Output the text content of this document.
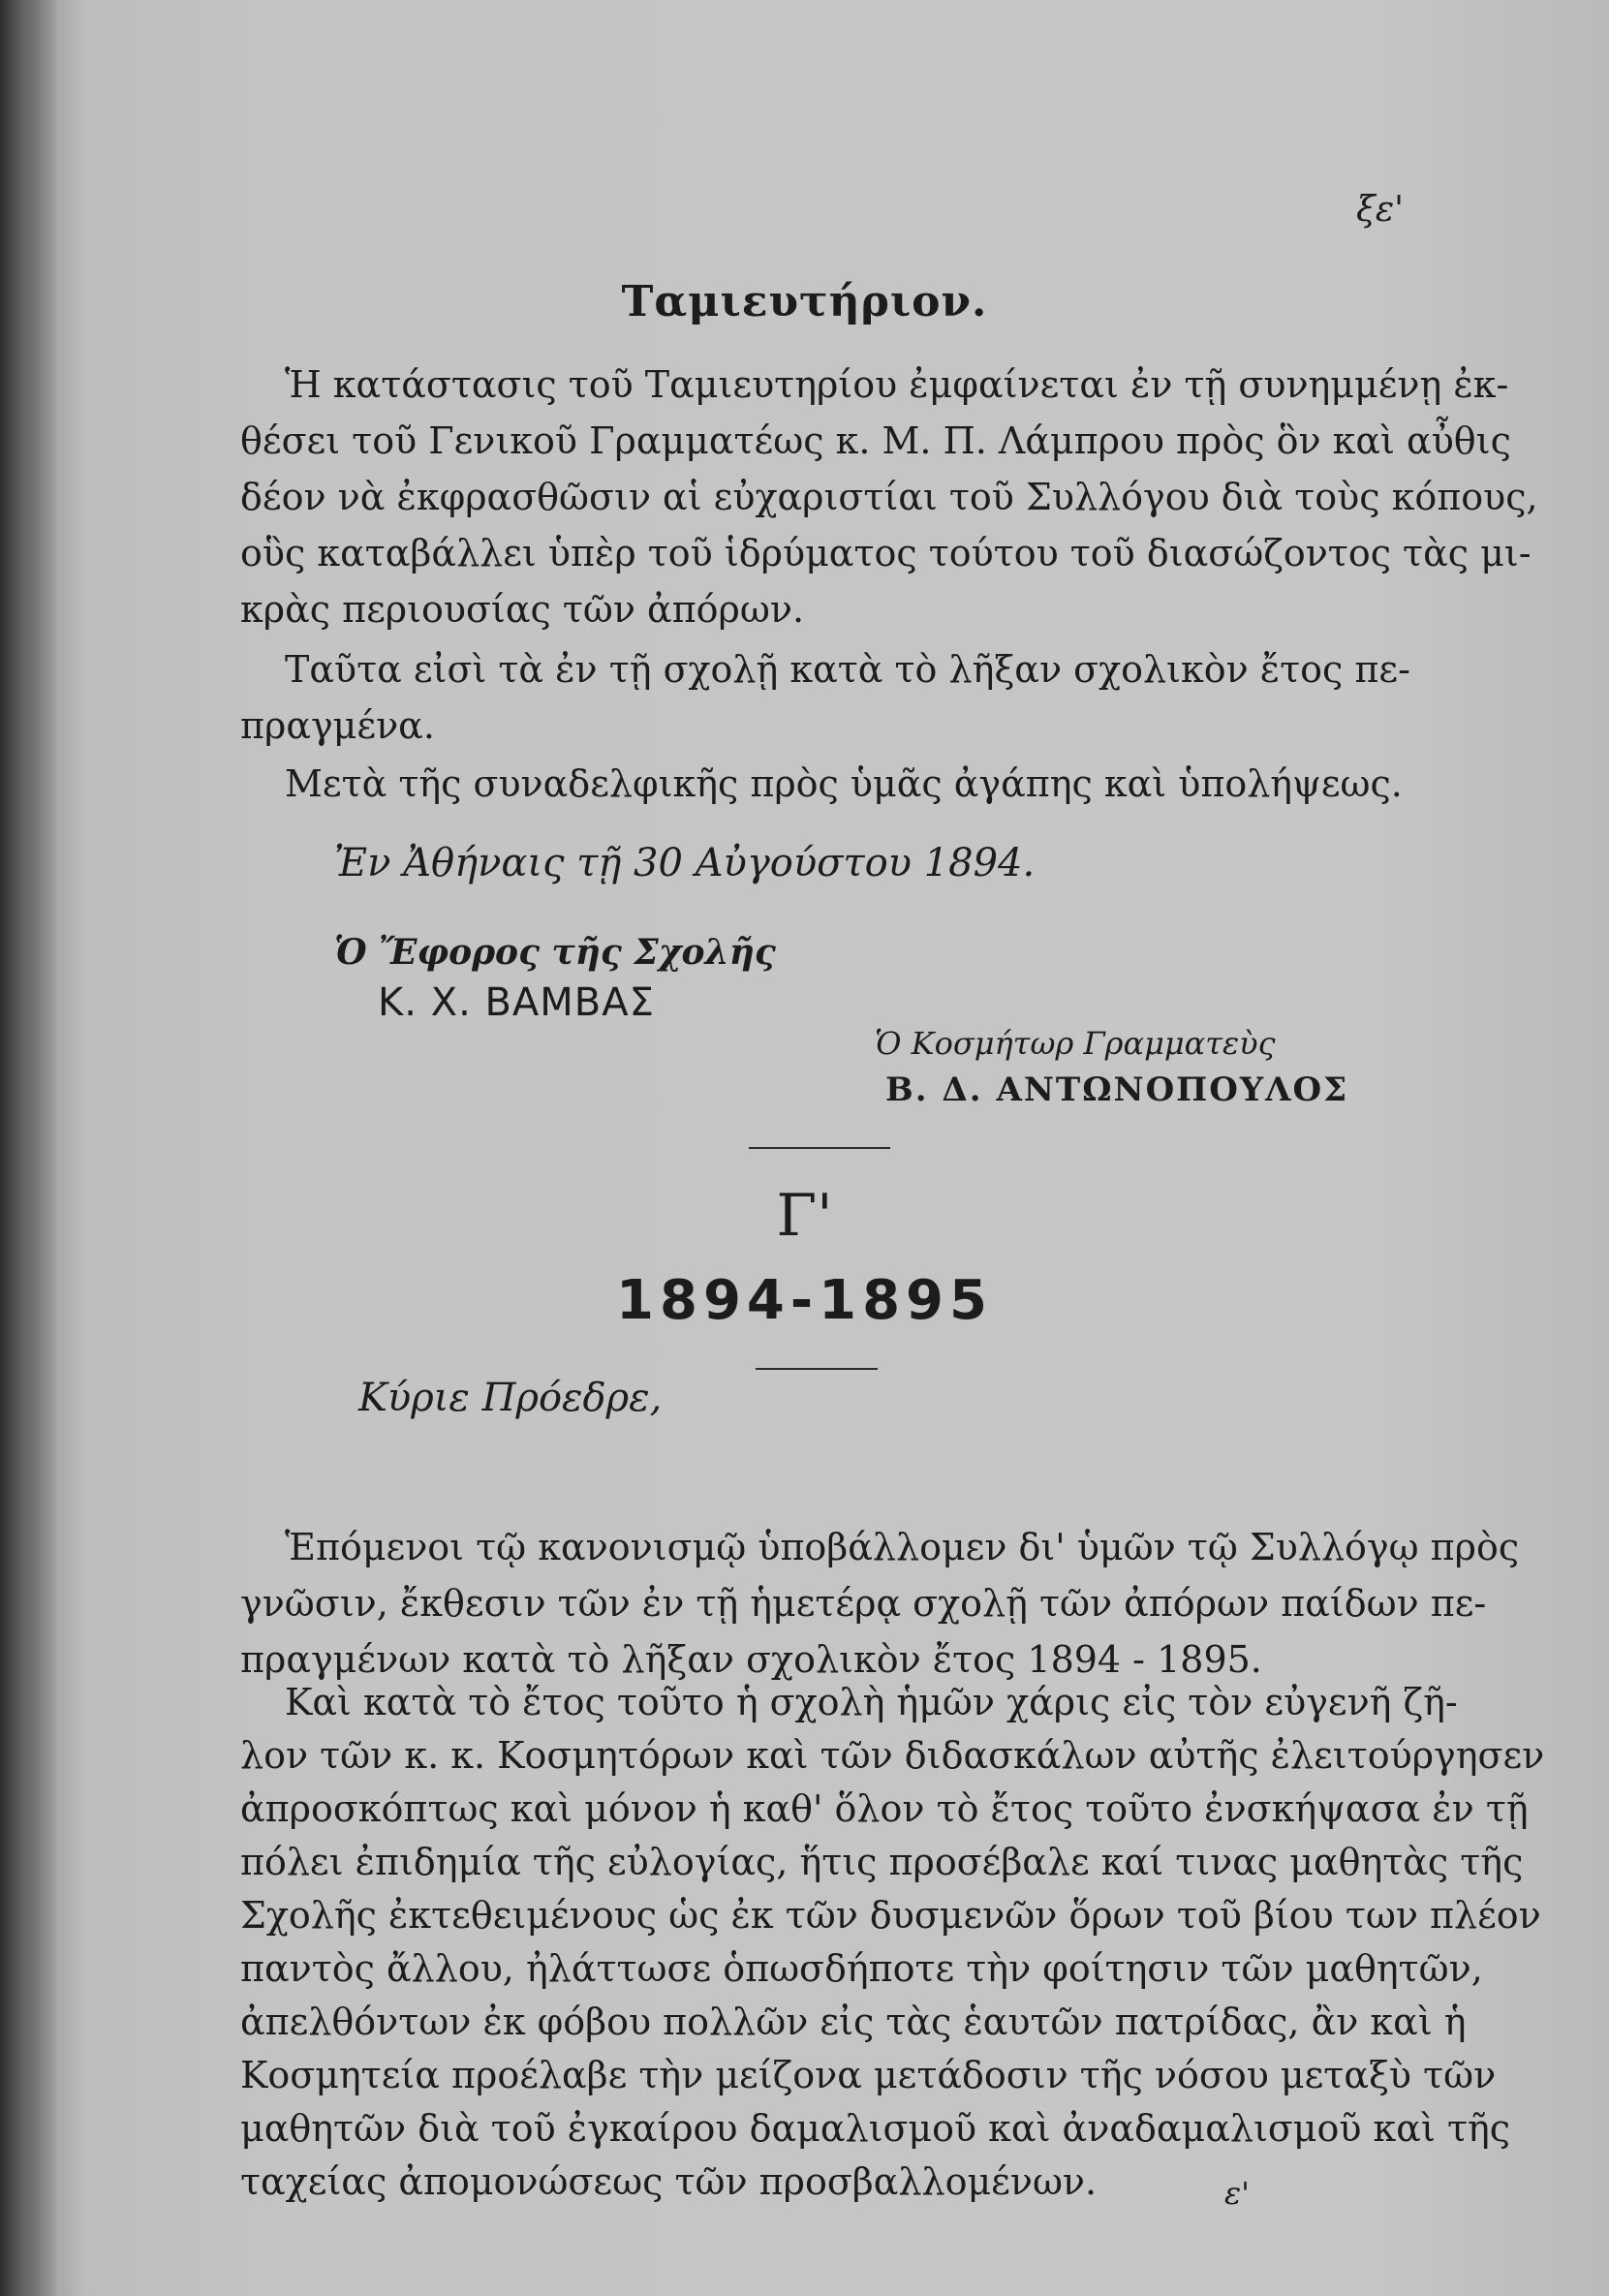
ξε'
Ταμιευτήριον.
Ἡ κατάστασις τοῦ Ταμιευτηρίου ἐμφαίνεται ἐν τῇ συνημμένῃ ἐκ-
θέσει τοῦ Γενικοῦ Γραμματέως κ. Μ. Π. Λάμπρου πρὸς ὃν καὶ αὖθις
δέον νὰ ἐκφρασθῶσιν αἱ εὐχαριστίαι τοῦ Συλλόγου διὰ τοὺς κόπους,
οὓς καταβάλλει ὑπὲρ τοῦ ἱδρύματος τούτου τοῦ διασώζοντος τὰς μι-
κρὰς περιουσίας τῶν ἀπόρων.
Ταῦτα εἰσὶ τὰ ἐν τῇ σχολῇ κατὰ τὸ λῆξαν σχολικὸν ἔτος πε-
πραγμένα.
Μετὰ τῆς συναδελφικῆς πρὸς ὑμᾶς ἀγάπης καὶ ὑπολήψεως.
Ἐν Ἀθήναις τῇ 30 Αὐγούστου 1894.
Ὁ Ἔφορος τῆς Σχολῆς
Κ. Χ. ΒΑΜΒΑΣ
Ὁ Κοσμήτωρ Γραμματεὺς
Β. Δ. ΑΝΤΩΝΟΠΟΥΛΟΣ
Γ'
1894-1895
Κύριε Πρόεδρε,
Ἑπόμενοι τῷ κανονισμῷ ὑποβάλλομεν δι' ὑμῶν τῷ Συλλόγῳ πρὸς
γνῶσιν, ἔκθεσιν τῶν ἐν τῇ ἡμετέρᾳ σχολῇ τῶν ἀπόρων παίδων πε-
πραγμένων κατὰ τὸ λῆξαν σχολικὸν ἔτος 1894 - 1895.
Καὶ κατὰ τὸ ἔτος τοῦτο ἡ σχολὴ ἡμῶν χάρις εἰς τὸν εὐγενῆ ζῆ-
λον τῶν κ. κ. Κοσμητόρων καὶ τῶν διδασκάλων αὐτῆς ἐλειτούργησεν
ἀπροσκόπτως καὶ μόνον ἡ καθ' ὅλον τὸ ἔτος τοῦτο ἐνσκήψασα ἐν τῇ
πόλει ἐπιδημία τῆς εὐλογίας, ἥτις προσέβαλε καί τινας μαθητὰς τῆς
Σχολῆς ἐκτεθειμένους ὡς ἐκ τῶν δυσμενῶν ὅρων τοῦ βίου των πλέον
παντὸς ἄλλου, ἠλάττωσε ὁπωσδήποτε τὴν φοίτησιν τῶν μαθητῶν,
ἀπελθόντων ἐκ φόβου πολλῶν εἰς τὰς ἑαυτῶν πατρίδας, ἂν καὶ ἡ
Κοσμητεία προέλαβε τὴν μείζονα μετάδοσιν τῆς νόσου μεταξὺ τῶν
μαθητῶν διὰ τοῦ ἐγκαίρου δαμαλισμοῦ καὶ ἀναδαμαλισμοῦ καὶ τῆς
ταχείας ἀπομονώσεως τῶν προσβαλλομένων.	ε'
